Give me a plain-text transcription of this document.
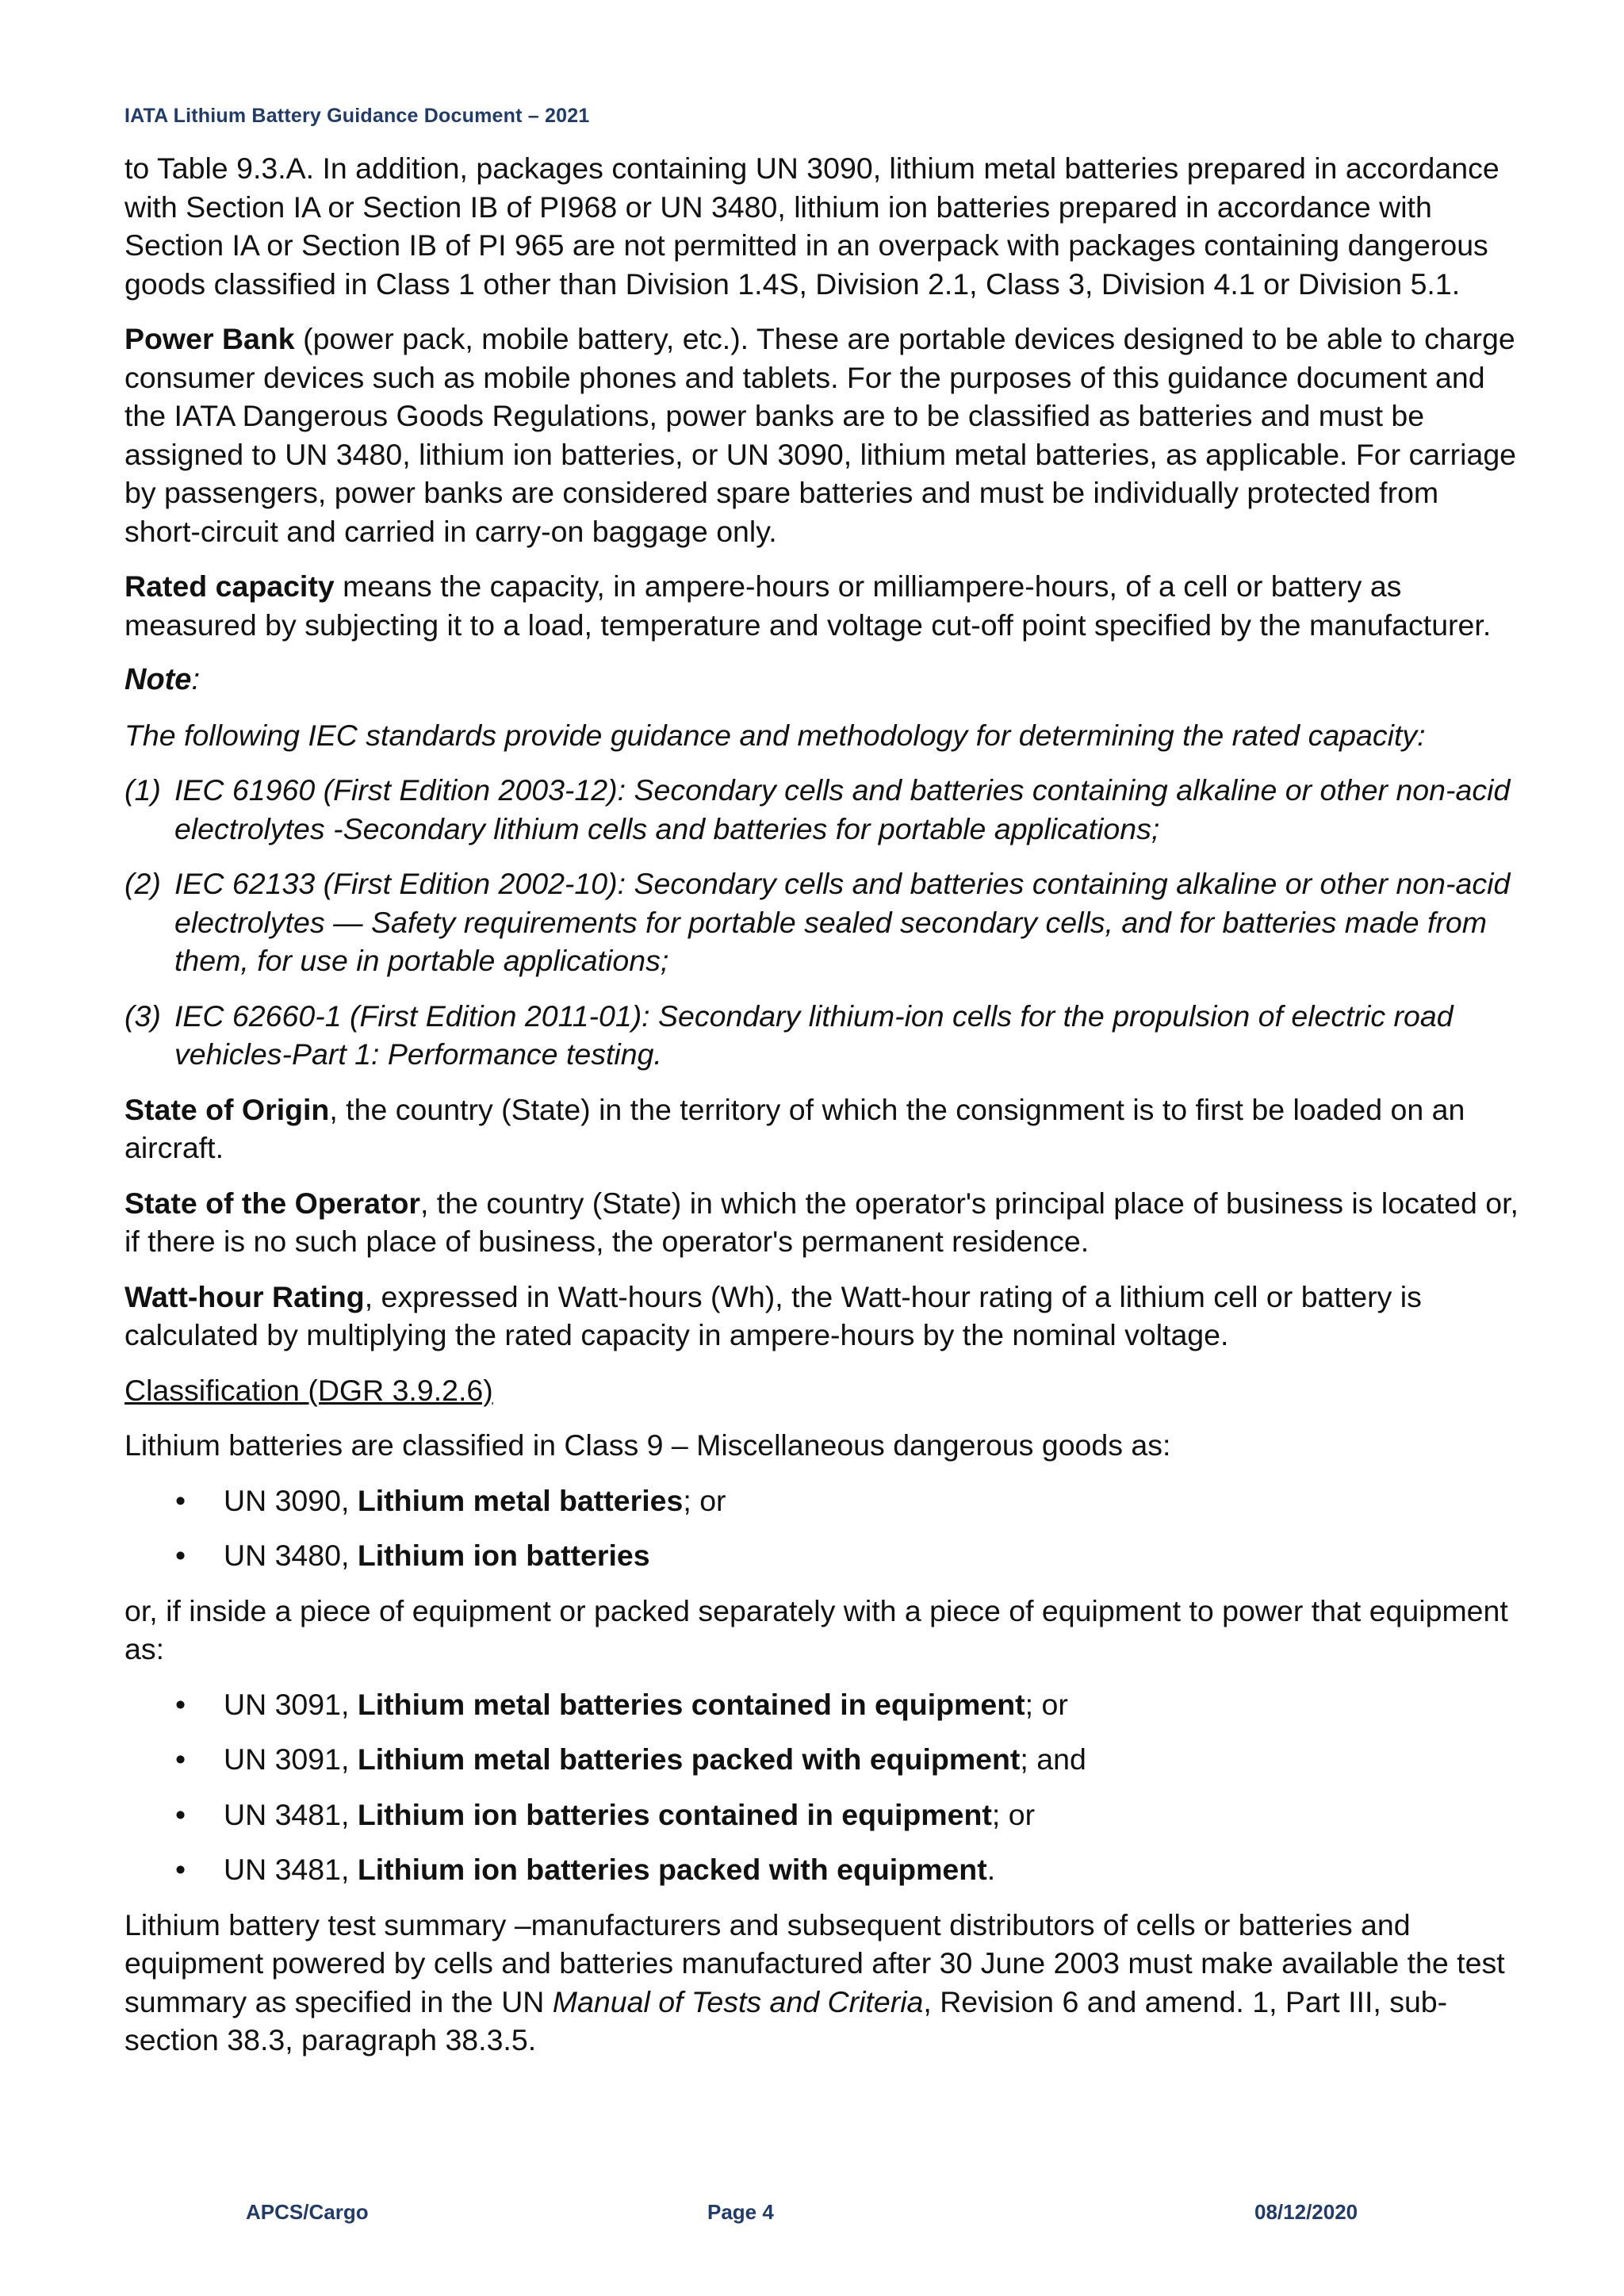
IATA Lithium Battery Guidance Document – 2021

to Table 9.3.A. In addition, packages containing UN 3090, lithium metal batteries prepared in accordance with Section IA or Section IB of PI968 or UN 3480, lithium ion batteries prepared in accordance with Section IA or Section IB of PI 965 are not permitted in an overpack with packages containing dangerous goods classified in Class 1 other than Division 1.4S, Division 2.1, Class 3, Division 4.1 or Division 5.1.

Power Bank (power pack, mobile battery, etc.). These are portable devices designed to be able to charge consumer devices such as mobile phones and tablets. For the purposes of this guidance document and the IATA Dangerous Goods Regulations, power banks are to be classified as batteries and must be assigned to UN 3480, lithium ion batteries, or UN 3090, lithium metal batteries, as applicable. For carriage by passengers, power banks are considered spare batteries and must be individually protected from short-circuit and carried in carry-on baggage only.

Rated capacity means the capacity, in ampere-hours or milliampere-hours, of a cell or battery as measured by subjecting it to a load, temperature and voltage cut-off point specified by the manufacturer.

Note:

The following IEC standards provide guidance and methodology for determining the rated capacity:

(1) IEC 61960 (First Edition 2003-12): Secondary cells and batteries containing alkaline or other non-acid electrolytes -Secondary lithium cells and batteries for portable applications;
(2) IEC 62133 (First Edition 2002-10): Secondary cells and batteries containing alkaline or other non-acid electrolytes — Safety requirements for portable sealed secondary cells, and for batteries made from them, for use in portable applications;
(3) IEC 62660-1 (First Edition 2011-01): Secondary lithium-ion cells for the propulsion of electric road vehicles-Part 1: Performance testing.

State of Origin, the country (State) in the territory of which the consignment is to first be loaded on an aircraft.

State of the Operator, the country (State) in which the operator's principal place of business is located or, if there is no such place of business, the operator's permanent residence.

Watt-hour Rating, expressed in Watt-hours (Wh), the Watt-hour rating of a lithium cell or battery is calculated by multiplying the rated capacity in ampere-hours by the nominal voltage.

Classification (DGR 3.9.2.6)

Lithium batteries are classified in Class 9 – Miscellaneous dangerous goods as:

• UN 3090, Lithium metal batteries; or
• UN 3480, Lithium ion batteries

or, if inside a piece of equipment or packed separately with a piece of equipment to power that equipment as:

• UN 3091, Lithium metal batteries contained in equipment; or
• UN 3091, Lithium metal batteries packed with equipment; and
• UN 3481, Lithium ion batteries contained in equipment; or
• UN 3481, Lithium ion batteries packed with equipment.

Lithium battery test summary –manufacturers and subsequent distributors of cells or batteries and equipment powered by cells and batteries manufactured after 30 June 2003 must make available the test summary as specified in the UN Manual of Tests and Criteria, Revision 6 and amend. 1, Part III, sub-section 38.3, paragraph 38.3.5.

APCS/Cargo	Page 4	08/12/2020
